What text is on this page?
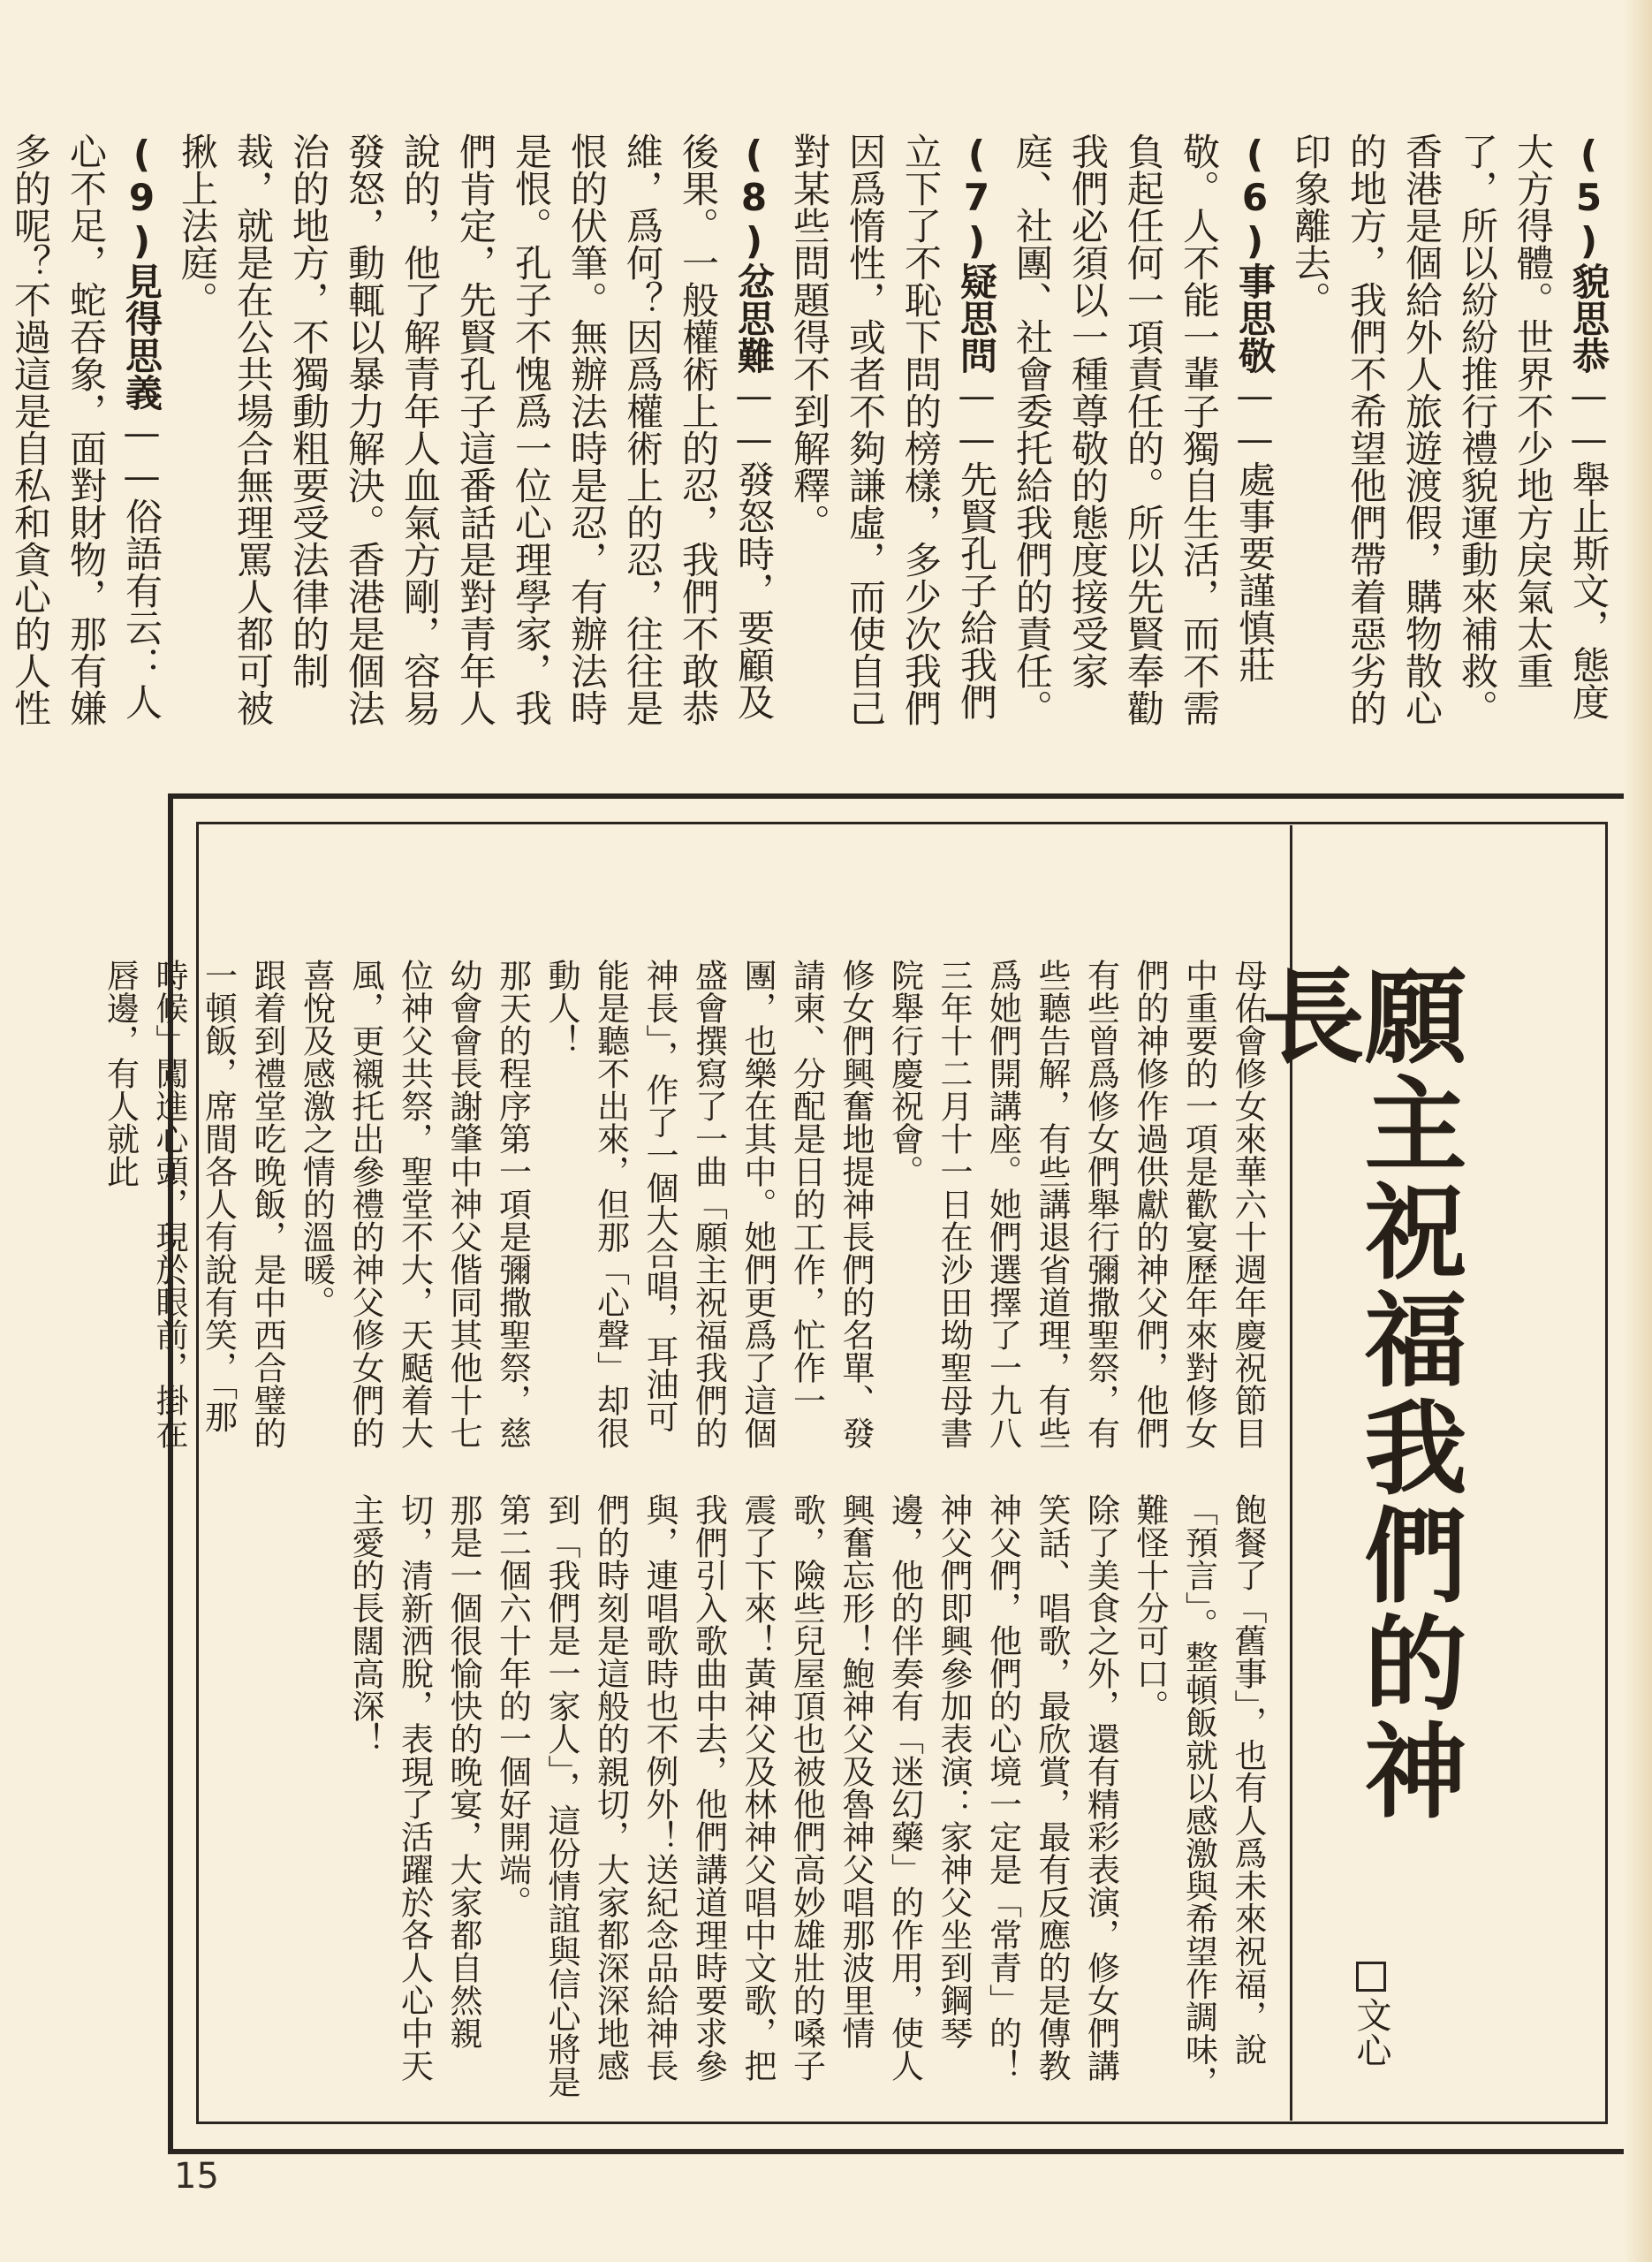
(5)貌思恭——舉止斯文，態度大方得體。世界不少地方戾氣太重了，所以紛紛推行禮貌運動來補救。香港是個給外人旅遊渡假，購物散心的地方，我們不希望他們帶着惡劣的印象離去。
(6)事思敬——處事要謹慎莊敬。人不能一輩子獨自生活，而不需負起任何一項責任的。所以先賢奉勸我們必須以一種尊敬的態度接受家庭、社團、社會委托給我們的責任。
(7)疑思問——先賢孔子給我們立下了不恥下問的榜樣，多少次我們因爲惰性，或者不夠謙虛，而使自己對某些問題得不到解釋。
(8)忿思難——發怒時，要顧及後果。一般權術上的忍，我們不敢恭維，爲何？因爲權術上的忍，往往是恨的伏筆。無辦法時是忍，有辦法時是恨。孔子不愧爲一位心理學家，我們肯定，先賢孔子這番話是對青年人說的，他了解青年人血氣方剛，容易發怒，動輒以暴力解決。香港是個法治的地方，不獨動粗要受法律的制裁，就是在公共場合無理罵人都可被揪上法庭。
(9)見得思義——俗語有云：人心不足，蛇吞象，面對財物，那有嫌多的呢？不過這是自私和貪心的人性
願主祝福我們的神長
文心
母佑會修女來華六十週年慶祝節目中重要的一項是歡宴歷年來對修女們的神修作過供獻的神父們，他們有些曾爲修女們舉行彌撒聖祭，有些聽告解，有些講退省道理，有些爲她們開講座。她們選擇了一九八三年十二月十一日在沙田坳聖母書院舉行慶祝會。
修女們興奮地提神長們的名單、發請柬、分配是日的工作，忙作一團，也樂在其中。她們更爲了這個盛會撰寫了一曲「願主祝福我們的神長」，作了一個大合唱，耳油可能是聽不出來，但那「心聲」却很動人！
那天的程序第一項是彌撒聖祭，慈幼會會長謝肇中神父偕同其他十七位神父共祭，聖堂不大，天颳着大風，更襯托出參禮的神父修女們的喜悅及感激之情的溫暖。
跟着到禮堂吃晚飯，是中西合璧的一頓飯，席間各人有說有笑，「那時候」闖進心頭，現於眼前，掛在唇邊，有人就此
飽餐了「舊事」，也有人爲未來祝福，說「預言」。整頓飯就以感激與希望作調味，難怪十分可口。
除了美食之外，還有精彩表演，修女們講笑話、唱歌，最欣賞，最有反應的是傳教神父們，他們的心境一定是「常青」的！神父們即興參加表演：家神父坐到鋼琴邊，他的伴奏有「迷幻藥」的作用，使人興奮忘形！鮑神父及魯神父唱那波里情歌，險些兒屋頂也被他們高妙雄壯的嗓子震了下來！黃神父及林神父唱中文歌，把我們引入歌曲中去，他們講道理時要求參與，連唱歌時也不例外！送紀念品給神長們的時刻是這般的親切，大家都深深地感到「我們是一家人」，這份情誼與信心將是第二個六十年的一個好開端。
那是一個很愉快的晚宴，大家都自然親切，清新洒脫，表現了活躍於各人心中天主愛的長闊高深！
15
